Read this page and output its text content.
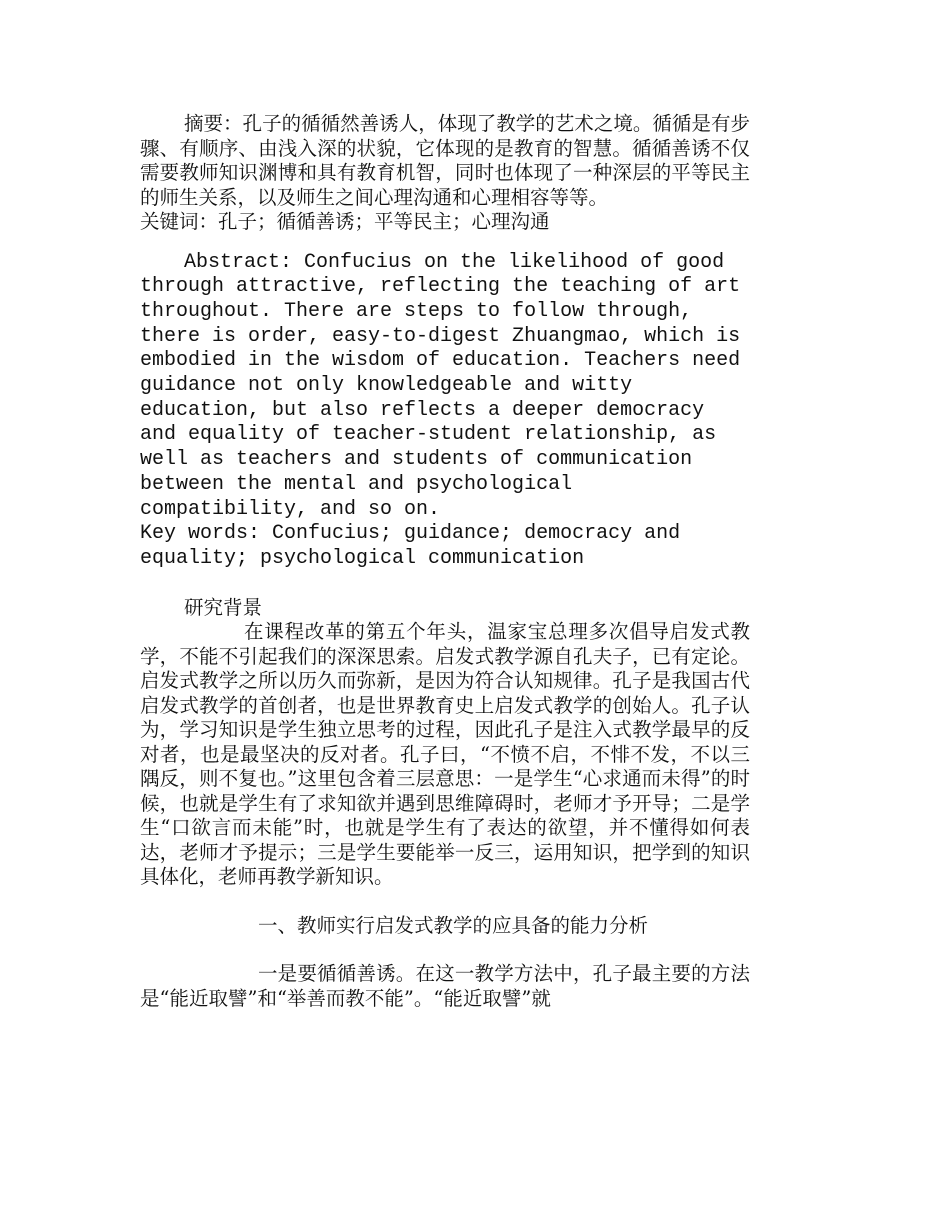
摘要：孔子的循循然善诱人，体现了教学的艺术之境。循循是有步骤、有顺序、由浅入深的状貌，它体现的是教育的智慧。循循善诱不仅需要教师知识渊博和具有教育机智，同时也体现了一种深层的平等民主的师生关系，以及师生之间心理沟通和心理相容等等。

关键词：孔子；循循善诱；平等民主；心理沟通

Abstract: Confucius on the likelihood of good through attractive, reflecting the teaching of art throughout. There are steps to follow through, there is order, easy-to-digest Zhuangmao, which is embodied in the wisdom of education. Teachers need guidance not only knowledgeable and witty education, but also reflects a deeper democracy and equality of teacher-student relationship, as well as teachers and students of communication between the mental and psychological compatibility, and so on.

Key words: Confucius; guidance; democracy and equality; psychological communication

研究背景

在课程改革的第五个年头，温家宝总理多次倡导启发式教学，不能不引起我们的深深思索。启发式教学源自孔夫子，已有定论。启发式教学之所以历久而弥新，是因为符合认知规律。孔子是我国古代启发式教学的首创者，也是世界教育史上启发式教学的创始人。孔子认为，学习知识是学生独立思考的过程，因此孔子是注入式教学最早的反对者，也是最坚决的反对者。孔子曰，“不愤不启，不悱不发，不以三隅反，则不复也。”这里包含着三层意思：一是学生“心求通而未得”的时候，也就是学生有了求知欲并遇到思维障碍时，老师才予开导；二是学生“口欲言而未能”时，也就是学生有了表达的欲望，并不懂得如何表达，老师才予提示；三是学生要能举一反三，运用知识，把学到的知识具体化，老师再教学新知识。

一、教师实行启发式教学的应具备的能力分析

一是要循循善诱。在这一教学方法中，孔子最主要的方法是“能近取譬”和“举善而教不能”。“能近取譬”就
